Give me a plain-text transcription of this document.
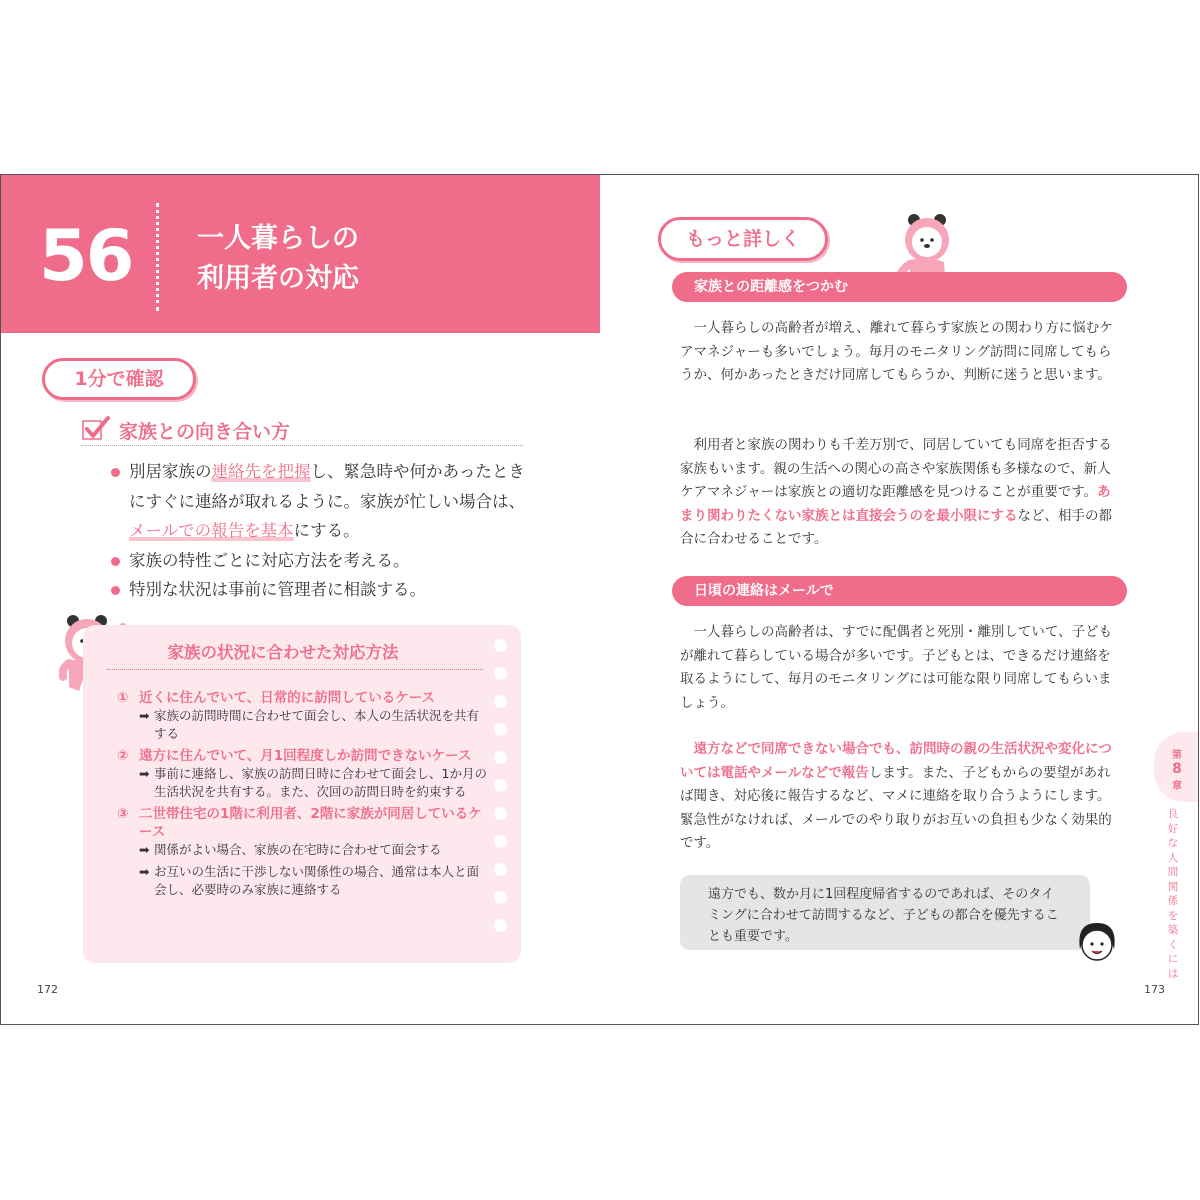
56 一人暮らしの
利用者の対応
1分で確認
家族との向き合い方
別居家族の連絡先を把握し、緊急時や何かあったときにすぐに連絡が取れるように。家族が忙しい場合は、メールでの報告を基本にする。
家族の特性ごとに対応方法を考える。
特別な状況は事前に管理者に相談する。
家族の状況に合わせた対応方法
① 近くに住んでいて、日常的に訪問しているケース
➡ 家族の訪問時間に合わせて面会し、本人の生活状況を共有する
② 遠方に住んでいて、月1回程度しか訪問できないケース
➡ 事前に連絡し、家族の訪問日時に合わせて面会し、1か月の生活状況を共有する。また、次回の訪問日時を約束する
③ 二世帯住宅の1階に利用者、2階に家族が同居しているケース
➡ 関係がよい場合、家族の在宅時に合わせて面会する
➡ お互いの生活に干渉しない関係性の場合、通常は本人と面会し、必要時のみ家族に連絡する
172
もっと詳しく
家族との距離感をつかむ

一人暮らしの高齢者が増え、離れて暮らす家族との関わり方に悩むケアマネジャーも多いでしょう。毎月のモニタリング訪問に同席してもらうか、何かあったときだけ同席してもらうか、判断に迷うと思います。

利用者と家族の関わりも千差万別で、同居していても同席を拒否する家族もいます。親の生活への関心の高さや家族関係も多様なので、新人ケアマネジャーは家族との適切な距離感を見つけることが重要です。あまり関わりたくない家族とは直接会うのを最小限にするなど、相手の都合に合わせることです。

日頃の連絡はメールで

一人暮らしの高齢者は、すでに配偶者と死別・離別していて、子どもが離れて暮らしている場合が多いです。子どもとは、できるだけ連絡を取るようにして、毎月のモニタリングには可能な限り同席してもらいましょう。

遠方などで同席できない場合でも、訪問時の親の生活状況や変化については電話やメールなどで報告します。また、子どもからの要望があれば聞き、対応後に報告するなど、マメに連絡を取り合うようにします。緊急性がなければ、メールでのやり取りがお互いの負担も少なく効果的です。

遠方でも、数か月に1回程度帰省するのであれば、そのタイミングに合わせて訪問するなど、子どもの都合を優先することも重要です。
第
8
章
良好な人間関係を築くには
173
